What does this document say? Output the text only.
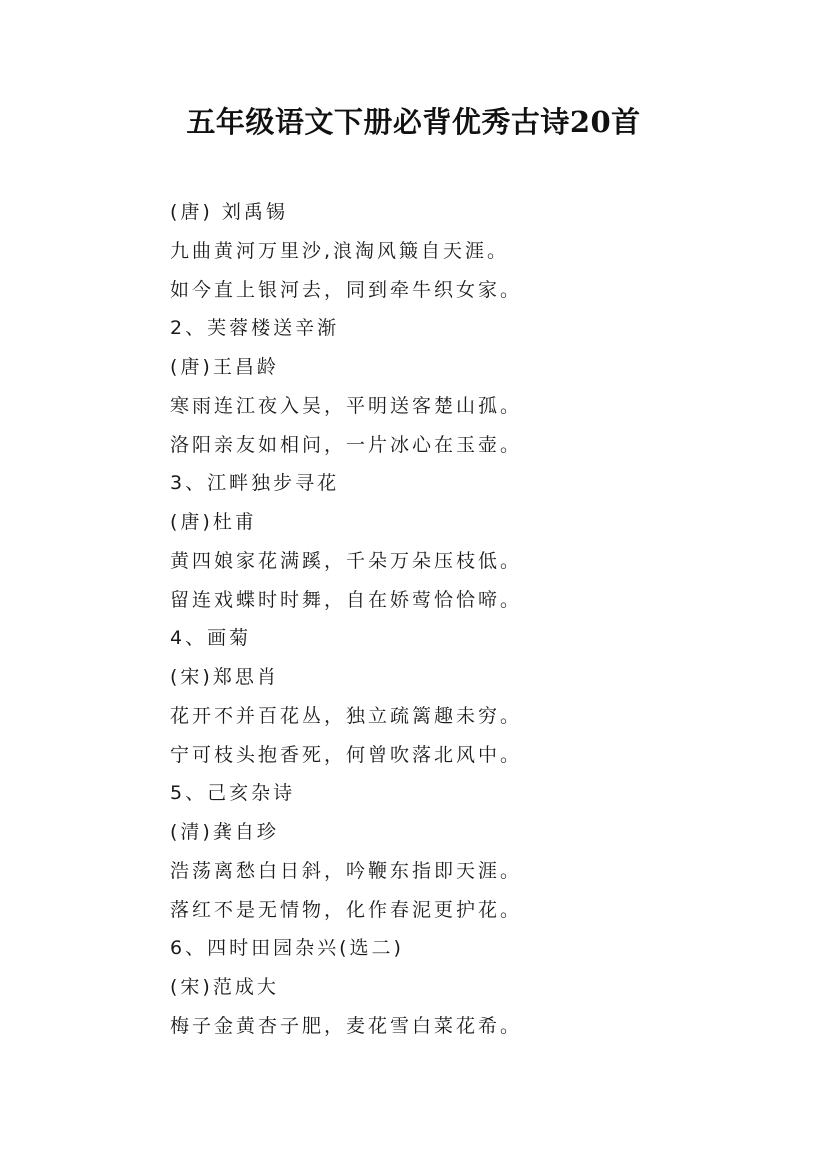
五年级语文下册必背优秀古诗20首
(唐) 刘禹锡
九曲黄河万里沙,浪淘风簸自天涯。
如今直上银河去，同到牵牛织女家。
2、芙蓉楼送辛渐
(唐)王昌龄
寒雨连江夜入吴，平明送客楚山孤。
洛阳亲友如相问，一片冰心在玉壶。
3、江畔独步寻花
(唐)杜甫
黄四娘家花满蹊，千朵万朵压枝低。
留连戏蝶时时舞，自在娇莺恰恰啼。
4、画菊
(宋)郑思肖
花开不并百花丛，独立疏篱趣未穷。
宁可枝头抱香死，何曾吹落北风中。
5、己亥杂诗
(清)龚自珍
浩荡离愁白日斜，吟鞭东指即天涯。
落红不是无情物，化作春泥更护花。
6、四时田园杂兴(选二)
(宋)范成大
梅子金黄杏子肥，麦花雪白菜花希。
